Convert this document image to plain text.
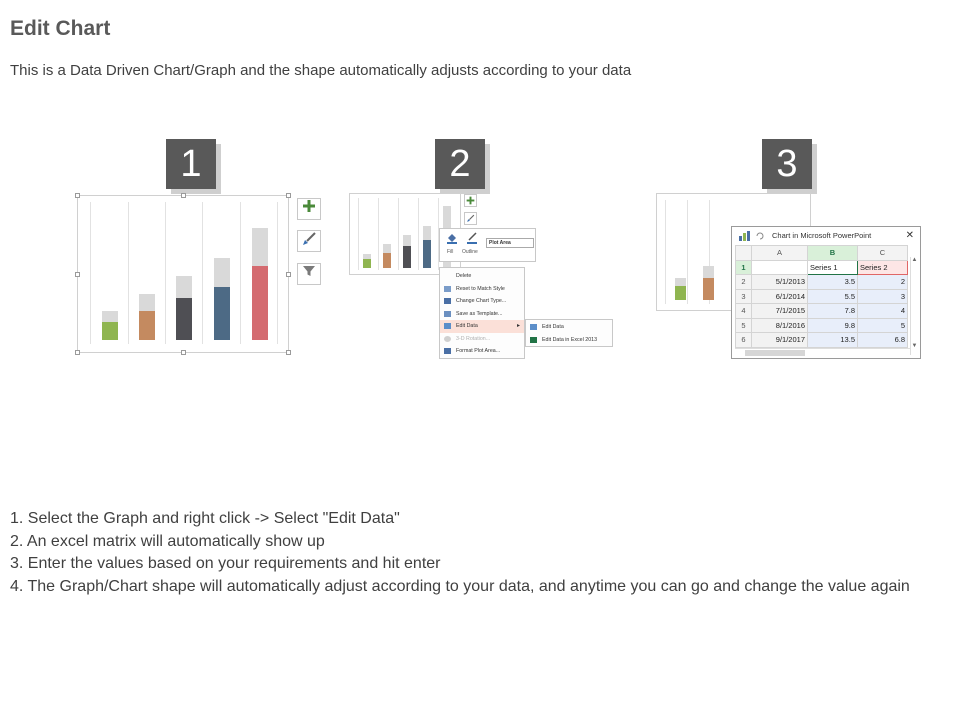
Edit Chart
This is a Data Driven Chart/Graph and the shape automatically adjusts according to your data
1	2	3
Fill Outline
Plot Area
Delete
Reset to Match Style
Change Chart Type...
Save as Template...
Edit Data	▸
3-D Rotation...
Format Plot Area...
Edit Data
Edit Data in Excel 2013
Chart in Microsoft PowerPoint	✕
	A	B	C
1		Series 1	Series 2
2	5/1/2013	3.5	2
3	6/1/2014	5.5	3
4	7/1/2015	7.8	4
5	8/1/2016	9.8	5
6	9/1/2017	13.5	6.8
▲
▼
1. Select the Graph and right click -> Select "Edit Data"
2. An excel matrix will automatically show up
3. Enter the values based on your requirements and hit enter
4. The Graph/Chart shape will automatically adjust according to your data, and anytime you can go and change the value again
